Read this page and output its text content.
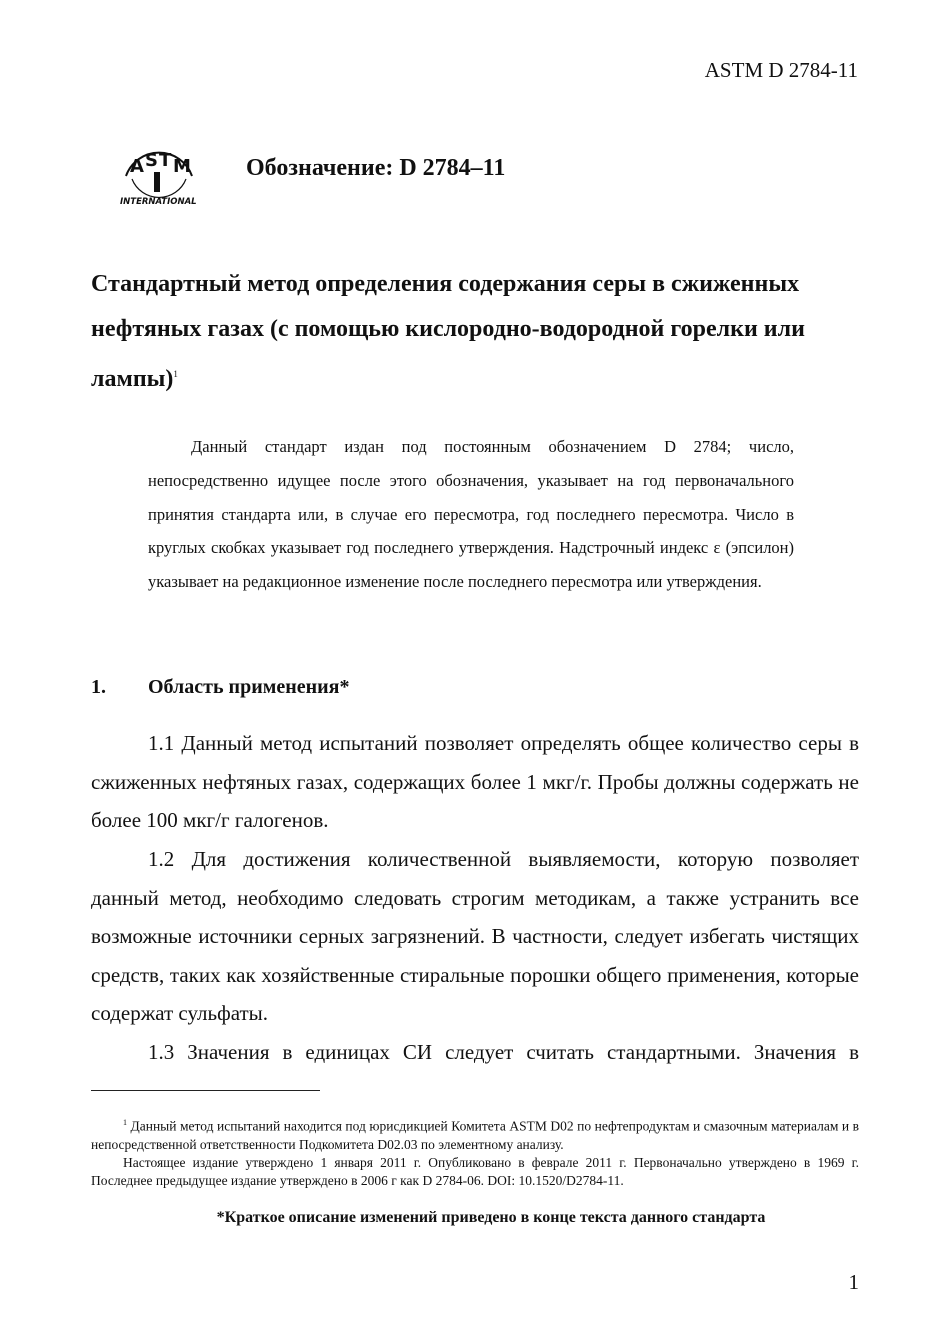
ASTM D 2784-11
A S T M
INTERNATIONAL
Обозначение: D 2784–11
Стандартный метод определения содержания серы в сжиженных нефтяных газах (с помощью кислородно-водородной горелки или лампы)$^1$
Данный стандарт издан под постоянным обозначением D 2784; число, непосредственно идущее после этого обозначения, указывает на год первоначального принятия стандарта или, в случае его пересмотра, год последнего пересмотра. Число в круглых скобках указывает год последнего утверждения. Надстрочный индекс ε (эпсилон) указывает на редакционное изменение после последнего пересмотра или утверждения.
1. Область применения*
1.1 Данный метод испытаний позволяет определять общее количество серы в сжиженных нефтяных газах, содержащих более 1 мкг/г. Пробы должны содержать не более 100 мкг/г галогенов.
1.2 Для достижения количественной выявляемости, которую позволяет данный метод, необходимо следовать строгим методикам, а также устранить все возможные источники серных загрязнений. В частности, следует избегать чистящих средств, таких как хозяйственные стиральные порошки общего применения, которые содержат сульфаты.
1.3 Значения в единицах СИ следует считать стандартными. Значения в
$^1$ Данный метод испытаний находится под юрисдикцией Комитета ASTM D02 по нефтепродуктам и смазочным материалам и в непосредственной ответственности Подкомитета D02.03 по элементному анализу.
Настоящее издание утверждено 1 января 2011 г. Опубликовано в феврале 2011 г. Первоначально утверждено в 1969 г. Последнее предыдущее издание утверждено в 2006 г как D 2784-06. DOI: 10.1520/D2784-11.
*Краткое описание изменений приведено в конце текста данного стандарта
1
